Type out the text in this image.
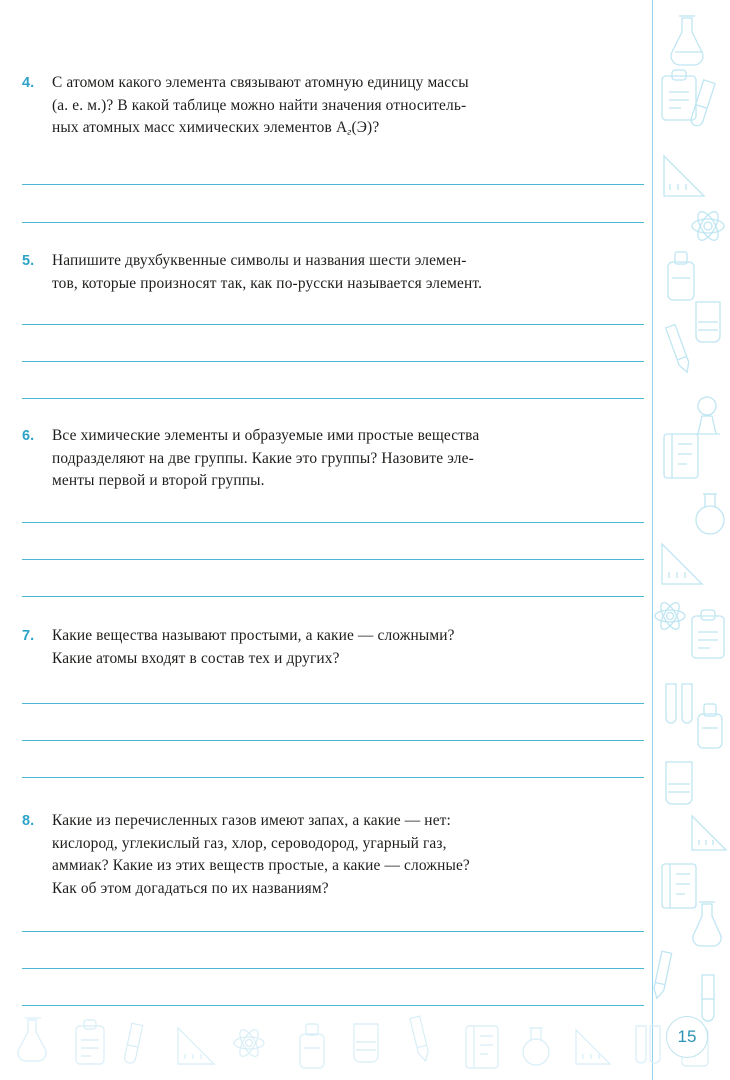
4.	С атомом какого элемента связывают атомную единицу массы
(а. е. м.)? В какой таблице можно найти значения относитель-
ных атомных масс химических элементов $A_г(Э)$?
5.	Напишите двухбуквенные символы и названия шести элемен-
тов, которые произносят так, как по-русски называется элемент.
6.	Все химические элементы и образуемые ими простые вещества
подразделяют на две группы. Какие это группы? Назовите эле-
менты первой и второй группы.
7.	Какие вещества называют простыми, а какие — сложными?
Какие атомы входят в состав тех и других?
8.	Какие из перечисленных газов имеют запах, а какие — нет:
кислород, углекислый газ, хлор, сероводород, угарный газ,
аммиак? Какие из этих веществ простые, а какие — сложные?
Как об этом догадаться по их названиям?
15
